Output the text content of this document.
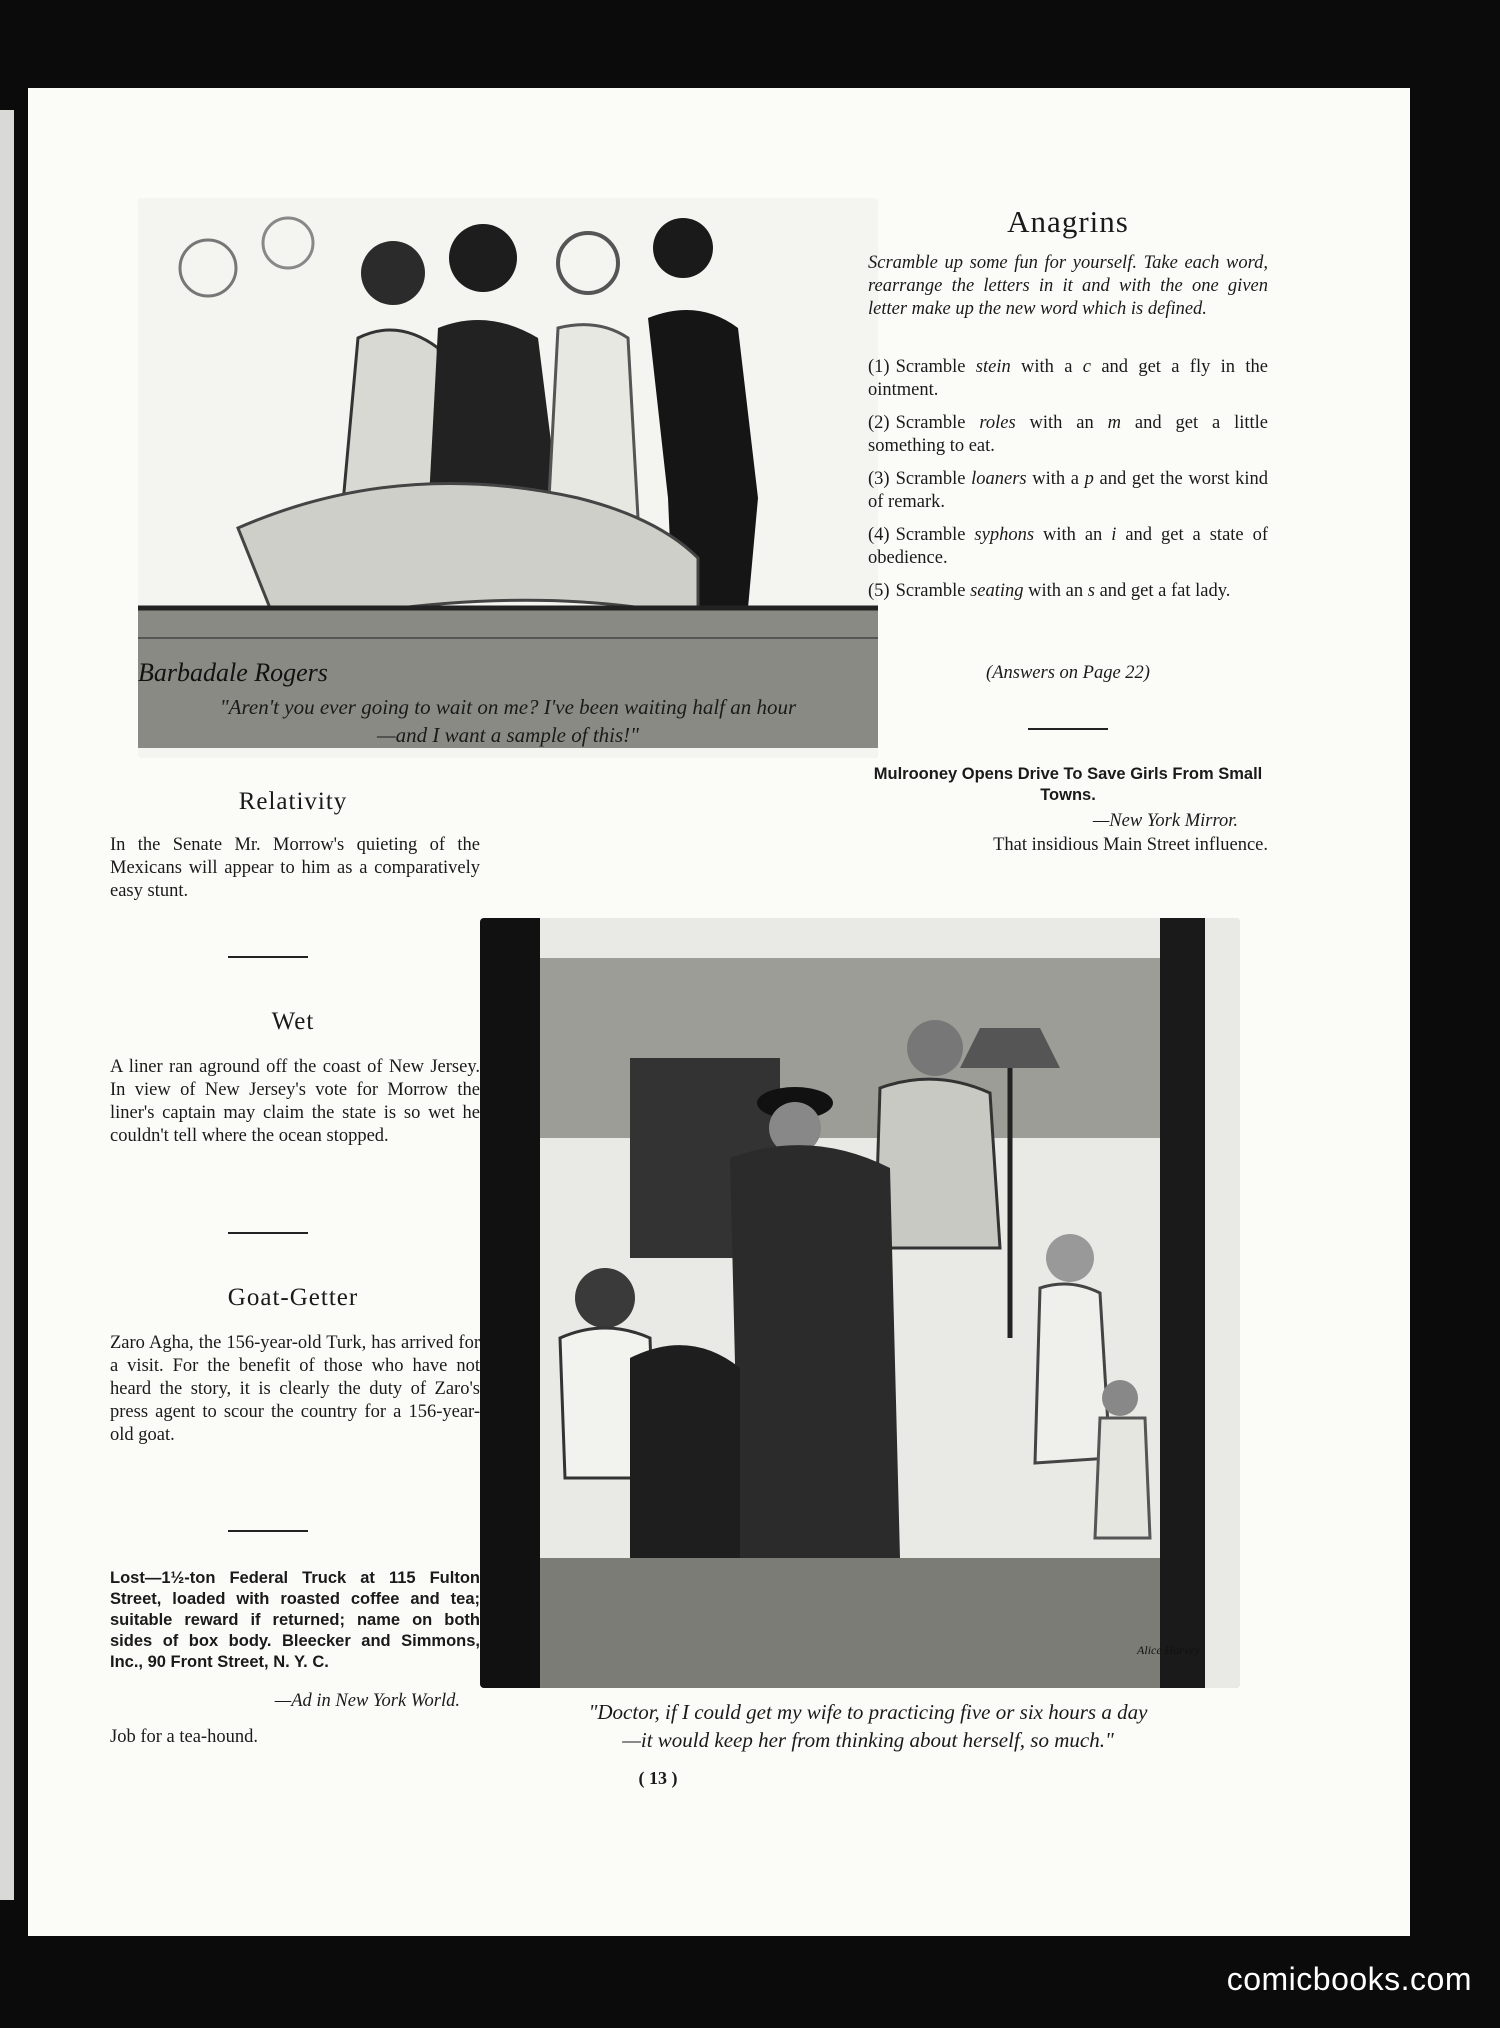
Barbadale Rogers
"Aren't you ever going to wait on me? I've been waiting half an hour
—and I want a sample of this!"
Anagrins
Scramble up some fun for yourself. Take each word, rearrange the letters in it and with the one given letter make up the new word which is defined.

(1) Scramble stein with a c and get a fly in the ointment.

(2) Scramble roles with an m and get a little something to eat.

(3) Scramble loaners with a p and get the worst kind of remark.

(4) Scramble syphons with an i and get a state of obedience.

(5) Scramble seating with an s and get a fat lady.

(Answers on Page 22)
Mulrooney Opens Drive To Save Girls From Small Towns.
—New York Mirror.
That insidious Main Street influence.
Relativity
In the Senate Mr. Morrow's quieting of the Mexicans will appear to him as a comparatively easy stunt.
Wet
A liner ran aground off the coast of New Jersey. In view of New Jersey's vote for Morrow the liner's captain may claim the state is so wet he couldn't tell where the ocean stopped.
Goat-Getter
Zaro Agha, the 156-year-old Turk, has arrived for a visit. For the benefit of those who have not heard the story, it is clearly the duty of Zaro's press agent to scour the country for a 156-year-old goat.
Lost—1½-ton Federal Truck at 115 Fulton Street, loaded with roasted coffee and tea; suitable reward if returned; name on both sides of box body. Bleecker and Simmons, Inc., 90 Front Street, N. Y. C.
—Ad in New York World.
Job for a tea-hound.
Alice Harvey
"Doctor, if I could get my wife to practicing five or six hours a day
—it would keep her from thinking about herself, so much."
( 13 )
comicbooks.com
